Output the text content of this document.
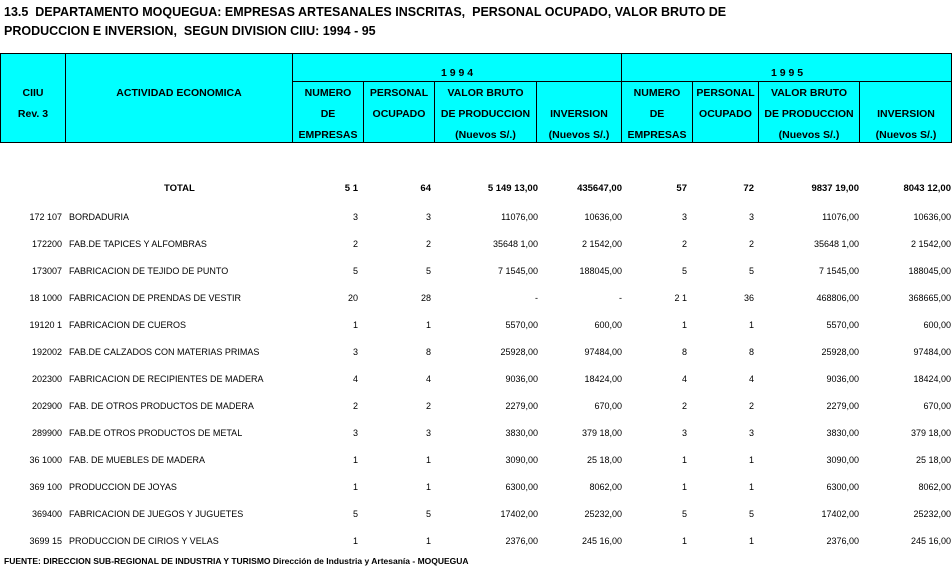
13.5  DEPARTAMENTO MOQUEGUA: EMPRESAS ARTESANALES INSCRITAS,  PERSONAL OCUPADO, VALOR BRUTO DE
PRODUCCION E INVERSION,  SEGUN DIVISION CIIU: 1994 - 95
CIIU
Rev. 3
ACTIVIDAD ECONOMICA
1 9 9 4	1 9 9 5
NUMERO
DE
EMPRESAS
PERSONAL
OCUPADO
VALOR BRUTO
DE PRODUCCION
(Nuevos S/.)
INVERSION
(Nuevos S/.)
NUMERO
DE
EMPRESAS
PERSONAL
OCUPADO
VALOR BRUTO
DE PRODUCCION
(Nuevos S/.)
INVERSION
(Nuevos S/.)
TOTAL	5 1	64	5 149 13,00	435647,00	57	72	9837 19,00	8043 12,00
172 107 BORDADURIA	3	3	11076,00	10636,00	3	3	11076,00	10636,00
172200 FAB.DE TAPICES Y ALFOMBRAS	2	2	35648 1,00	2 1542,00	2	2	35648 1,00	2 1542,00
173007 FABRICACION DE TEJIDO DE PUNTO	5	5	7 1545,00	188045,00	5	5	7 1545,00	188045,00
18 1000 FABRICACION DE PRENDAS DE VESTIR	20	28	-	-	2 1	36	468806,00	368665,00
19120 1 FABRICACION DE CUEROS	1	1	5570,00	600,00	1	1	5570,00	600,00
192002 FAB.DE CALZADOS CON MATERIAS PRIMAS	3	8	25928,00	97484,00	8	8	25928,00	97484,00
202300 FABRICACION DE RECIPIENTES DE MADERA	4	4	9036,00	18424,00	4	4	9036,00	18424,00
202900 FAB. DE OTROS PRODUCTOS DE MADERA	2	2	2279,00	670,00	2	2	2279,00	670,00
289900 FAB.DE OTROS PRODUCTOS DE METAL	3	3	3830,00	379 18,00	3	3	3830,00	379 18,00
36 1000 FAB. DE MUEBLES DE MADERA	1	1	3090,00	25 18,00	1	1	3090,00	25 18,00
369 100 PRODUCCION DE JOYAS	1	1	6300,00	8062,00	1	1	6300,00	8062,00
369400 FABRICACION DE JUEGOS Y JUGUETES	5	5	17402,00	25232,00	5	5	17402,00	25232,00
3699 15 PRODUCCION DE CIRIOS Y VELAS	1	1	2376,00	245 16,00	1	1	2376,00	245 16,00
FUENTE: DIRECCION SUB-REGIONAL DE INDUSTRIA Y TURISMO Dirección de Industria y Artesanía - MOQUEGUA
